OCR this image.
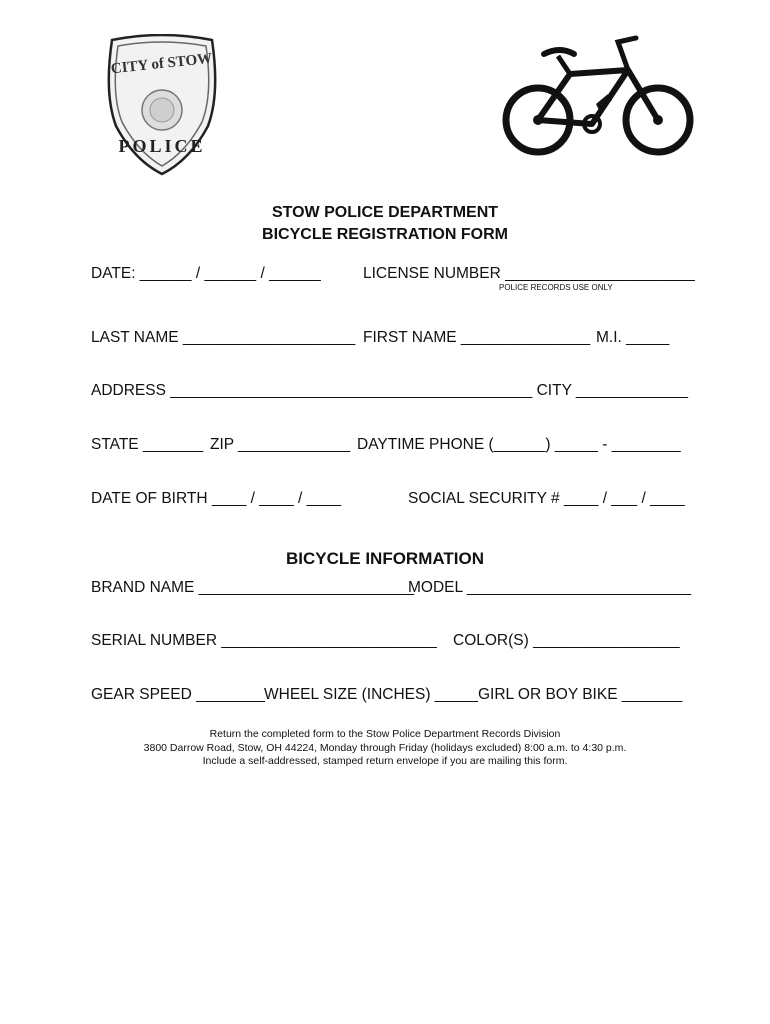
CITY of STOW
POLICE
STOW POLICE DEPARTMENT
BICYCLE REGISTRATION FORM
DATE: ______ / ______ / ______	LICENSE NUMBER ______________________
POLICE RECORDS USE ONLY
LAST NAME ____________________ FIRST NAME _______________ M.I. _____
ADDRESS __________________________________________ CITY _____________
STATE _______ ZIP _____________ DAYTIME PHONE (______) _____ - ________
DATE OF BIRTH ____ / ____ / ____	SOCIAL SECURITY # ____ / ___ / ____
BICYCLE INFORMATION
BRAND NAME _________________________
MODEL __________________________
SERIAL NUMBER _________________________ COLOR(S) _________________
GEAR SPEED ________
WHEEL SIZE (INCHES) _____ GIRL OR BOY BIKE _______
Return the completed form to the Stow Police Department Records Division
3800 Darrow Road, Stow, OH 44224, Monday through Friday (holidays excluded) 8:00 a.m. to 4:30 p.m.
Include a self-addressed, stamped return envelope if you are mailing this form.
